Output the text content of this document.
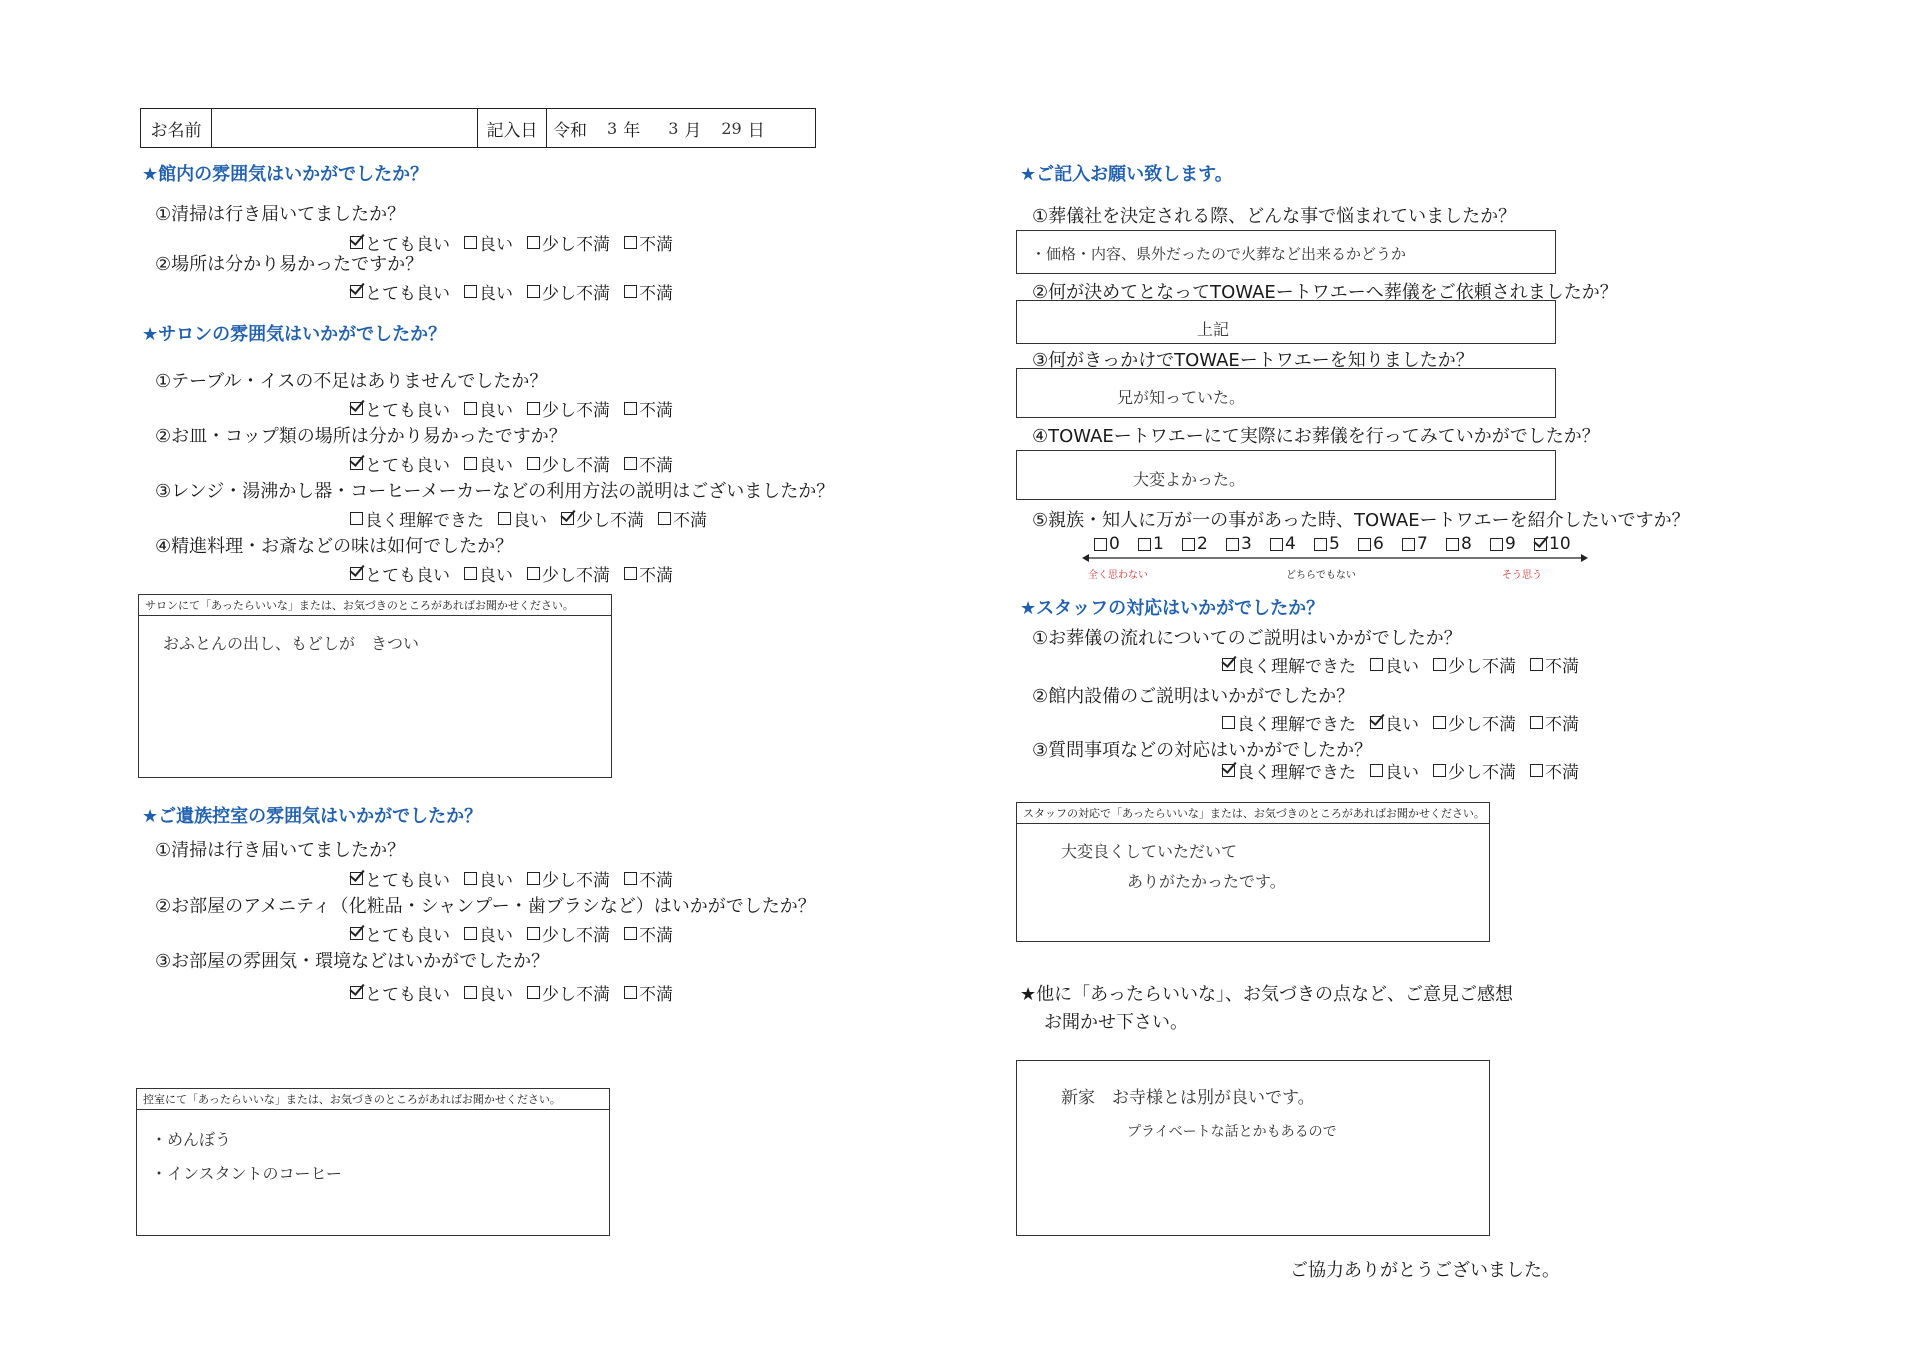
お名前	記入日 令和 3 年 3 月 29 日
★館内の雰囲気はいかがでしたか？
①清掃は行き届いてましたか？
とても良い 良い 少し不満 不満
②場所は分かり易かったですか？
とても良い 良い 少し不満 不満
★サロンの雰囲気はいかがでしたか？
①テーブル・イスの不足はありませんでしたか？
とても良い 良い 少し不満 不満
②お皿・コップ類の場所は分かり易かったですか？
とても良い 良い 少し不満 不満
③レンジ・湯沸かし器・コーヒーメーカーなどの利用方法の説明はございましたか？
良く理解できた 良い 少し不満 不満
④精進料理・お斎などの味は如何でしたか？
とても良い 良い 少し不満 不満
サロンにて「あったらいいな」または、お気づきのところがあればお聞かせください。
おふとんの出し、もどしが　きつい
★ご遺族控室の雰囲気はいかがでしたか？
①清掃は行き届いてましたか？
とても良い 良い 少し不満 不満
②お部屋のアメニティ（化粧品・シャンプー・歯ブラシなど）はいかがでしたか？
とても良い 良い 少し不満 不満
③お部屋の雰囲気・環境などはいかがでしたか？
とても良い 良い 少し不満 不満
控室にて「あったらいいな」または、お気づきのところがあればお聞かせください。
・めんぼう
・インスタントのコーヒー
★ご記入お願い致します。
①葬儀社を決定される際、どんな事で悩まれていましたか？
・価格・内容、県外だったので火葬など出来るかどうか
②何が決めてとなってTOWAEートワエーへ葬儀をご依頼されましたか？
上記
③何がきっかけでTOWAEートワエーを知りましたか？
兄が知っていた。
④TOWAEートワエーにて実際にお葬儀を行ってみていかがでしたか？
大変よかった。
⑤親族・知人に万が一の事があった時、TOWAEートワエーを紹介したいですか？
0 1 2 3 4 5 6 7 8 9 10
全く思わない	どちらでもない	そう思う
★スタッフの対応はいかがでしたか？
①お葬儀の流れについてのご説明はいかがでしたか？
良く理解できた 良い 少し不満 不満
②館内設備のご説明はいかがでしたか？
良く理解できた 良い 少し不満 不満
③質問事項などの対応はいかがでしたか？
良く理解できた 良い 少し不満 不満
スタッフの対応で「あったらいいな」または、お気づきのところがあればお聞かせください。
大変良くしていただいて
ありがたかったです。
★他に「あったらいいな」、お気づきの点など、ご意見ご感想
お聞かせ下さい。
新家　お寺様とは別が良いです。
プライベートな話とかもあるので
ご協力ありがとうございました。
